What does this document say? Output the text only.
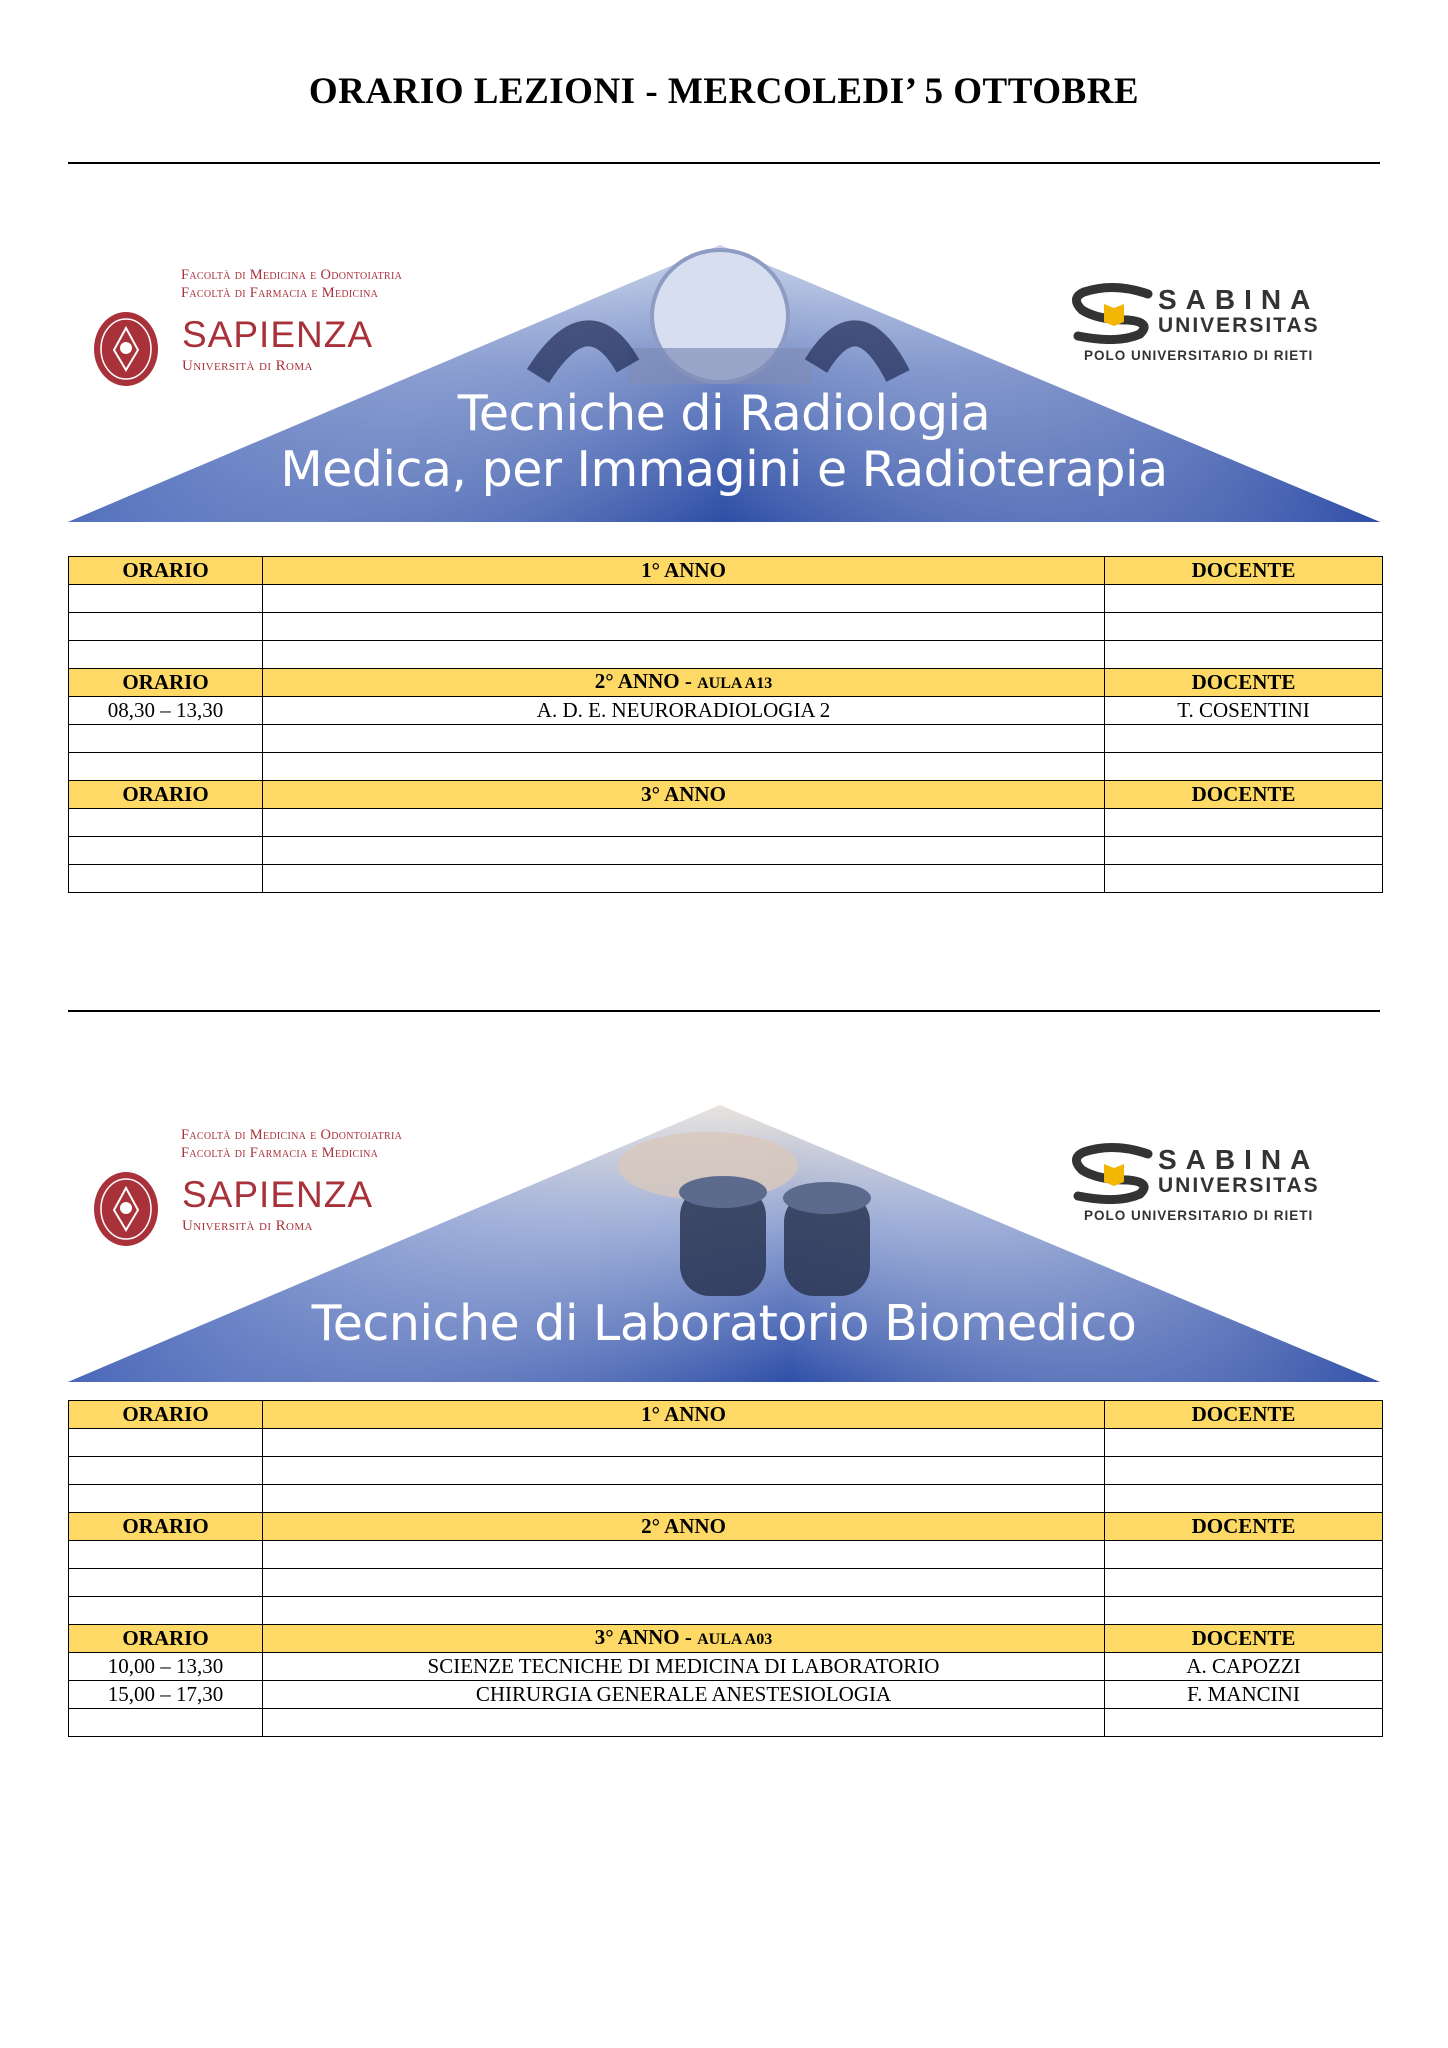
ORARIO LEZIONI - MERCOLEDI’ 5 OTTOBRE
Facoltà di Medicina e Odontoiatria
Facoltà di Farmacia e Medicina
SAPIENZA
Università di Roma
SABINA
UNIVERSITAS
POLO UNIVERSITARIO DI RIETI
Tecniche di Radiologia
Medica, per Immagini e Radioterapia
ORARIO	1° ANNO	DOCENTE

ORARIO	2° ANNO - AULA A13	DOCENTE
08,30 – 13,30	A. D. E. NEURORADIOLOGIA 2	T. COSENTINI

ORARIO	3° ANNO	DOCENTE

Facoltà di Medicina e Odontoiatria
Facoltà di Farmacia e Medicina
SAPIENZA
Università di Roma
SABINA
UNIVERSITAS
POLO UNIVERSITARIO DI RIETI
Tecniche di Laboratorio Biomedico
ORARIO	1° ANNO	DOCENTE

ORARIO	2° ANNO	DOCENTE

ORARIO	3° ANNO - AULA A03	DOCENTE
10,00 – 13,30	SCIENZE TECNICHE DI MEDICINA DI LABORATORIO	A. CAPOZZI
15,00 – 17,30	CHIRURGIA GENERALE ANESTESIOLOGIA	F. MANCINI
